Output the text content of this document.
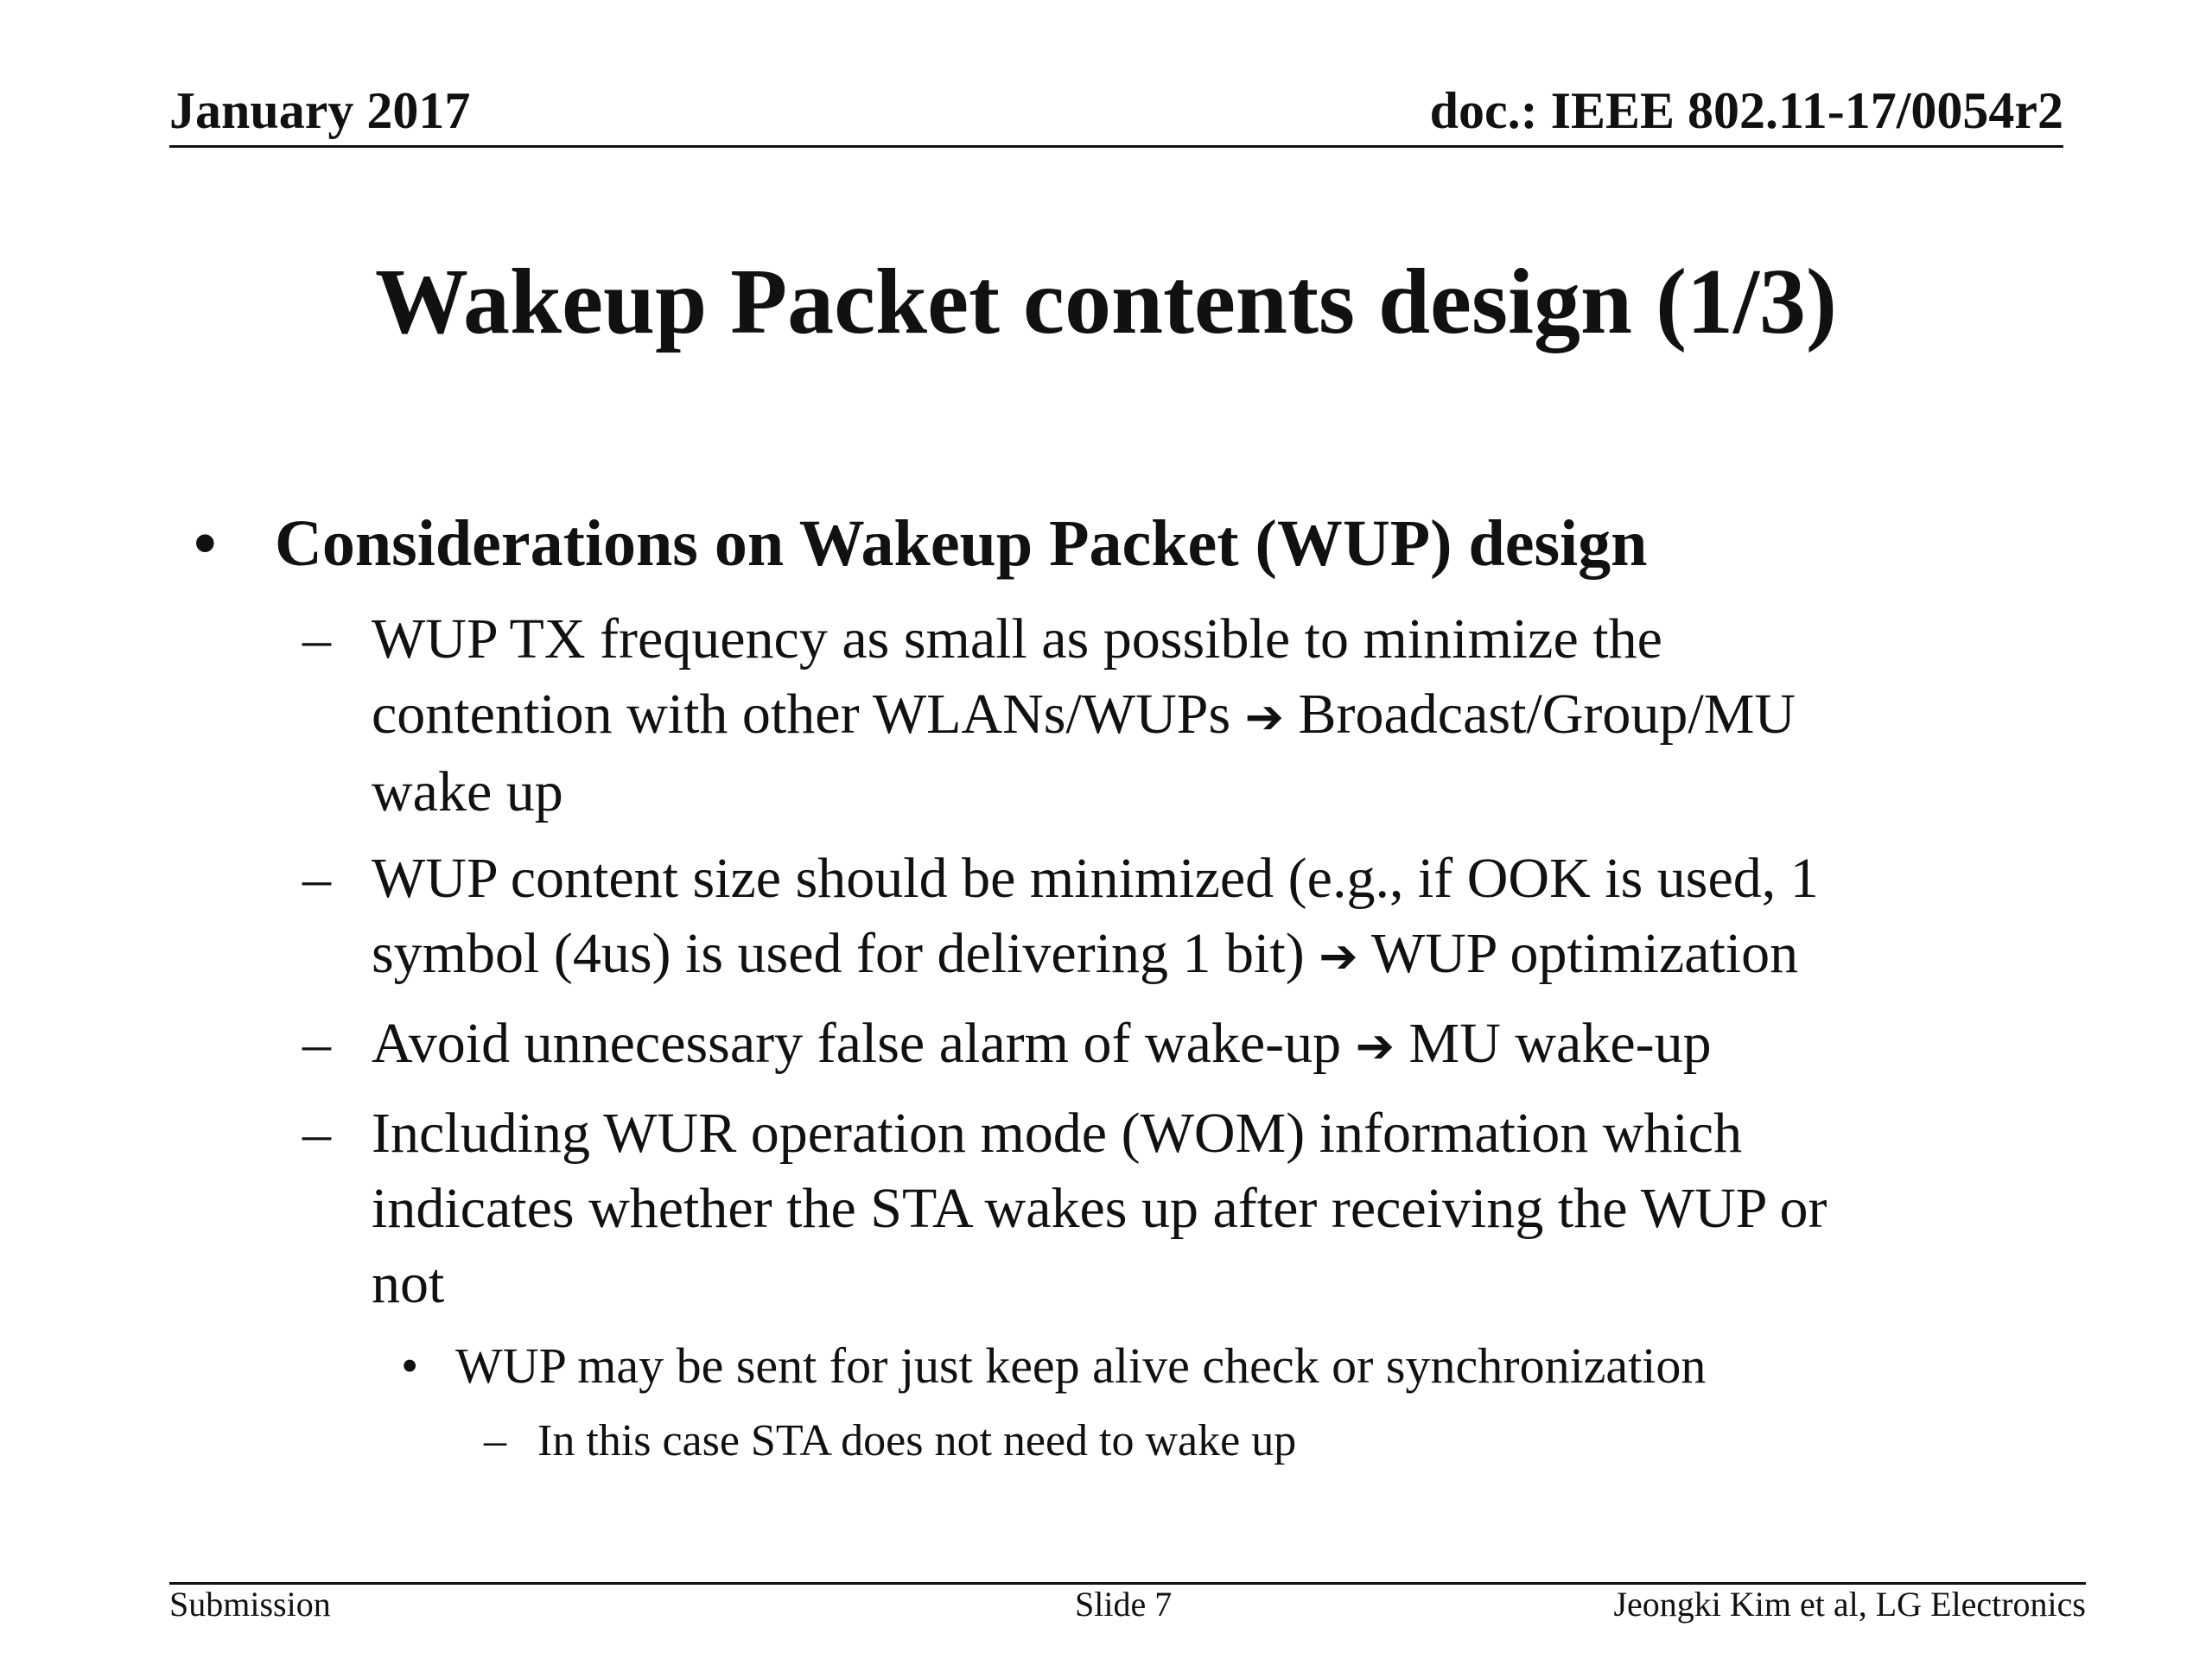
January 2017	doc.: IEEE 802.11-17/0054r2
Wakeup Packet contents design (1/3)
• Considerations on Wakeup Packet (WUP) design
– WUP TX frequency as small as possible to minimize the
contention with other WLANs/WUPs ➔ Broadcast/Group/MU
wake up
– WUP content size should be minimized (e.g., if OOK is used, 1
symbol (4us) is used for delivering 1 bit) ➔ WUP optimization
– Avoid unnecessary false alarm of wake-up ➔ MU wake-up
– Including WUR operation mode (WOM) information which
indicates whether the STA wakes up after receiving the WUP or
not
• WUP may be sent for just keep alive check or synchronization
– In this case STA does not need to wake up
Submission	Slide 7	Jeongki Kim et al, LG Electronics
